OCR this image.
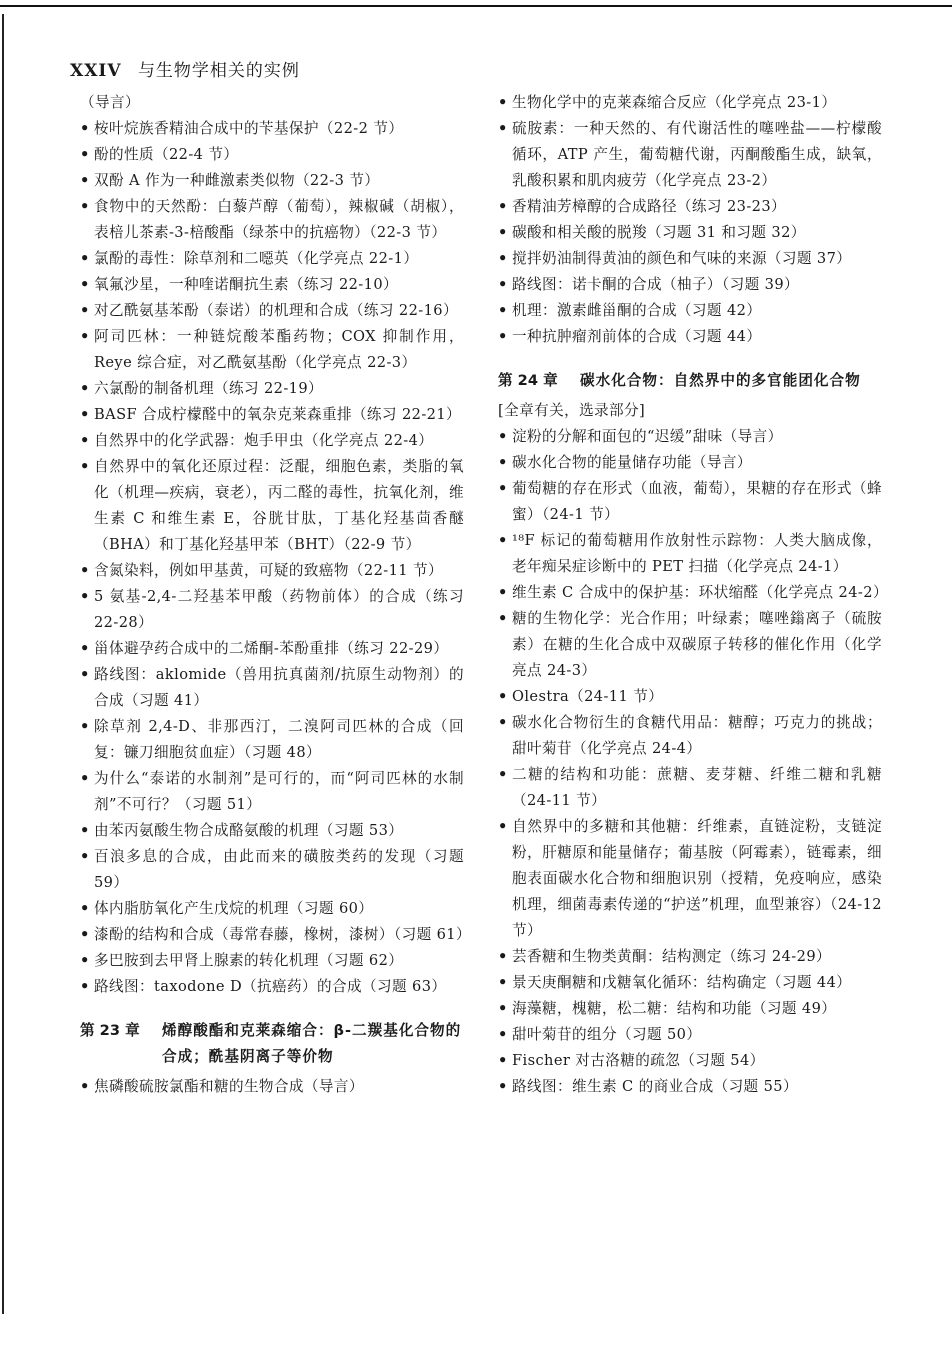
XXIV 与生物学相关的实例
（导言）
• 桉叶烷族香精油合成中的苄基保护（22-2 节）
• 酚的性质（22-4 节）
• 双酚 A 作为一种雌激素类似物（22-3 节）
• 食物中的天然酚：白藜芦醇（葡萄），辣椒碱（胡椒），表棓儿茶素-3-棓酸酯（绿茶中的抗癌物）（22-3 节）
• 氯酚的毒性：除草剂和二噁英（化学亮点 22-1）
• 氧氟沙星，一种喹诺酮抗生素（练习 22-10）
• 对乙酰氨基苯酚（泰诺）的机理和合成（练习 22-16）
• 阿司匹林：一种链烷酸苯酯药物；COX 抑制作用，Reye 综合症，对乙酰氨基酚（化学亮点 22-3）
• 六氯酚的制备机理（练习 22-19）
• BASF 合成柠檬醛中的氧杂克莱森重排（练习 22-21）
• 自然界中的化学武器：炮手甲虫（化学亮点 22-4）
• 自然界中的氧化还原过程：泛醌，细胞色素，类脂的氧化（机理—疾病，衰老），丙二醛的毒性，抗氧化剂，维生素 C 和维生素 E，谷胱甘肽，丁基化羟基茴香醚（BHA）和丁基化羟基甲苯（BHT）（22-9 节）
• 含氮染料，例如甲基黄，可疑的致癌物（22-11 节）
• 5 氨基-2,4-二羟基苯甲酸（药物前体）的合成（练习 22-28）
• 甾体避孕药合成中的二烯酮-苯酚重排（练习 22-29）
• 路线图：aklomide（兽用抗真菌剂/抗原生动物剂）的合成（习题 41）
• 除草剂 2,4-D、非那西汀，二溴阿司匹林的合成（回复：镰刀细胞贫血症）（习题 48）
• 为什么“泰诺的水制剂”是可行的，而“阿司匹林的水制剂”不可行？（习题 51）
• 由苯丙氨酸生物合成酪氨酸的机理（习题 53）
• 百浪多息的合成，由此而来的磺胺类药的发现（习题 59）
• 体内脂肪氧化产生戊烷的机理（习题 60）
• 漆酚的结构和合成（毒常春藤，橡树，漆树）（习题 61）
• 多巴胺到去甲肾上腺素的转化机理（习题 62）
• 路线图：taxodone D（抗癌药）的合成（习题 63）
第 23 章	烯醇酸酯和克莱森缩合：β-二羰基化合物的合成；酰基阴离子等价物
• 焦磷酸硫胺氯酯和糖的生物合成（导言）
• 生物化学中的克莱森缩合反应（化学亮点 23-1）
• 硫胺素：一种天然的、有代谢活性的噻唑盐——柠檬酸循环，ATP 产生，葡萄糖代谢，丙酮酸酯生成，缺氧，乳酸积累和肌肉疲劳（化学亮点 23-2）
• 香精油芳樟醇的合成路径（练习 23-23）
• 碳酸和相关酸的脱羧（习题 31 和习题 32）
• 搅拌奶油制得黄油的颜色和气味的来源（习题 37）
• 路线图：诺卡酮的合成（柚子）（习题 39）
• 机理：激素雌甾酮的合成（习题 42）
• 一种抗肿瘤剂前体的合成（习题 44）
第 24 章	碳水化合物：自然界中的多官能团化合物
[全章有关，选录部分]
• 淀粉的分解和面包的“迟缓”甜味（导言）
• 碳水化合物的能量储存功能（导言）
• 葡萄糖的存在形式（血液，葡萄），果糖的存在形式（蜂蜜）（24-1 节）
• ¹⁸F 标记的葡萄糖用作放射性示踪物：人类大脑成像，老年痴呆症诊断中的 PET 扫描（化学亮点 24-1）
• 维生素 C 合成中的保护基：环状缩醛（化学亮点 24-2）
• 糖的生物化学：光合作用；叶绿素；噻唑鎓离子（硫胺素）在糖的生化合成中双碳原子转移的催化作用（化学亮点 24-3）
• Olestra（24-11 节）
• 碳水化合物衍生的食糖代用品：糖醇；巧克力的挑战；甜叶菊苷（化学亮点 24-4）
• 二糖的结构和功能：蔗糖、麦芽糖、纤维二糖和乳糖（24-11 节）
• 自然界中的多糖和其他糖：纤维素，直链淀粉，支链淀粉，肝糖原和能量储存；葡基胺（阿霉素），链霉素，细胞表面碳水化合物和细胞识别（授精，免疫响应，感染机理，细菌毒素传递的“护送”机理，血型兼容）（24-12 节）
• 芸香糖和生物类黄酮：结构测定（练习 24-29）
• 景天庚酮糖和戊糖氧化循环：结构确定（习题 44）
• 海藻糖，槐糖，松二糖：结构和功能（习题 49）
• 甜叶菊苷的组分（习题 50）
• Fischer 对古洛糖的疏忽（习题 54）
• 路线图：维生素 C 的商业合成（习题 55）
